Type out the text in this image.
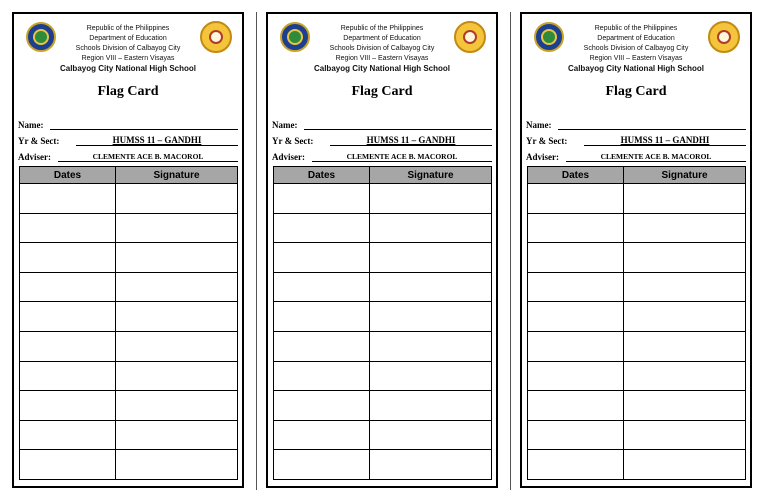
Republic of the Philippines
Department of Education
Schools Division of Calbayog City
Region VIII – Eastern Visayas
Calbayog City National High School
Flag Card
Name:
Yr & Sect:	HUMSS 11 – GANDHI
Adviser:	CLEMENTE ACE B. MACOROL
Dates	Signature

Republic of the Philippines
Department of Education
Schools Division of Calbayog City
Region VIII – Eastern Visayas
Calbayog City National High School
Flag Card
Name:
Yr & Sect:	HUMSS 11 – GANDHI
Adviser:	CLEMENTE ACE B. MACOROL
Dates	Signature

Republic of the Philippines
Department of Education
Schools Division of Calbayog City
Region VIII – Eastern Visayas
Calbayog City National High School
Flag Card
Name:
Yr & Sect:	HUMSS 11 – GANDHI
Adviser:	CLEMENTE ACE B. MACOROL
Dates	Signature
